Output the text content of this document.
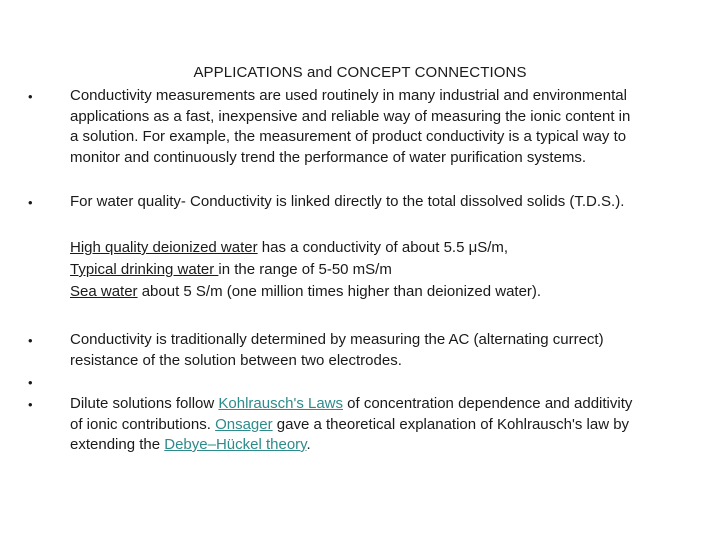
APPLICATIONS and CONCEPT CONNECTIONS
• Conductivity measurements are used routinely in many industrial and environmental
applications as a fast, inexpensive and reliable way of measuring the ionic content in
a solution. For example, the measurement of product conductivity is a typical way to
monitor and continuously trend the performance of water purification systems.
• For water quality- Conductivity is linked directly to the total dissolved solids (T.D.S.).
High quality deionized water has a conductivity of about 5.5 μS/m,
Typical drinking water in the range of 5-50 mS/m
Sea water about 5 S/m (one million times higher than deionized water).
• Conductivity is traditionally determined by measuring the AC (alternating currect)
resistance of the solution between two electrodes.
•
• Dilute solutions follow Kohlrausch's Laws of concentration dependence and additivity
of ionic contributions. Onsager gave a theoretical explanation of Kohlrausch's law by
extending the Debye–Hückel theory.
